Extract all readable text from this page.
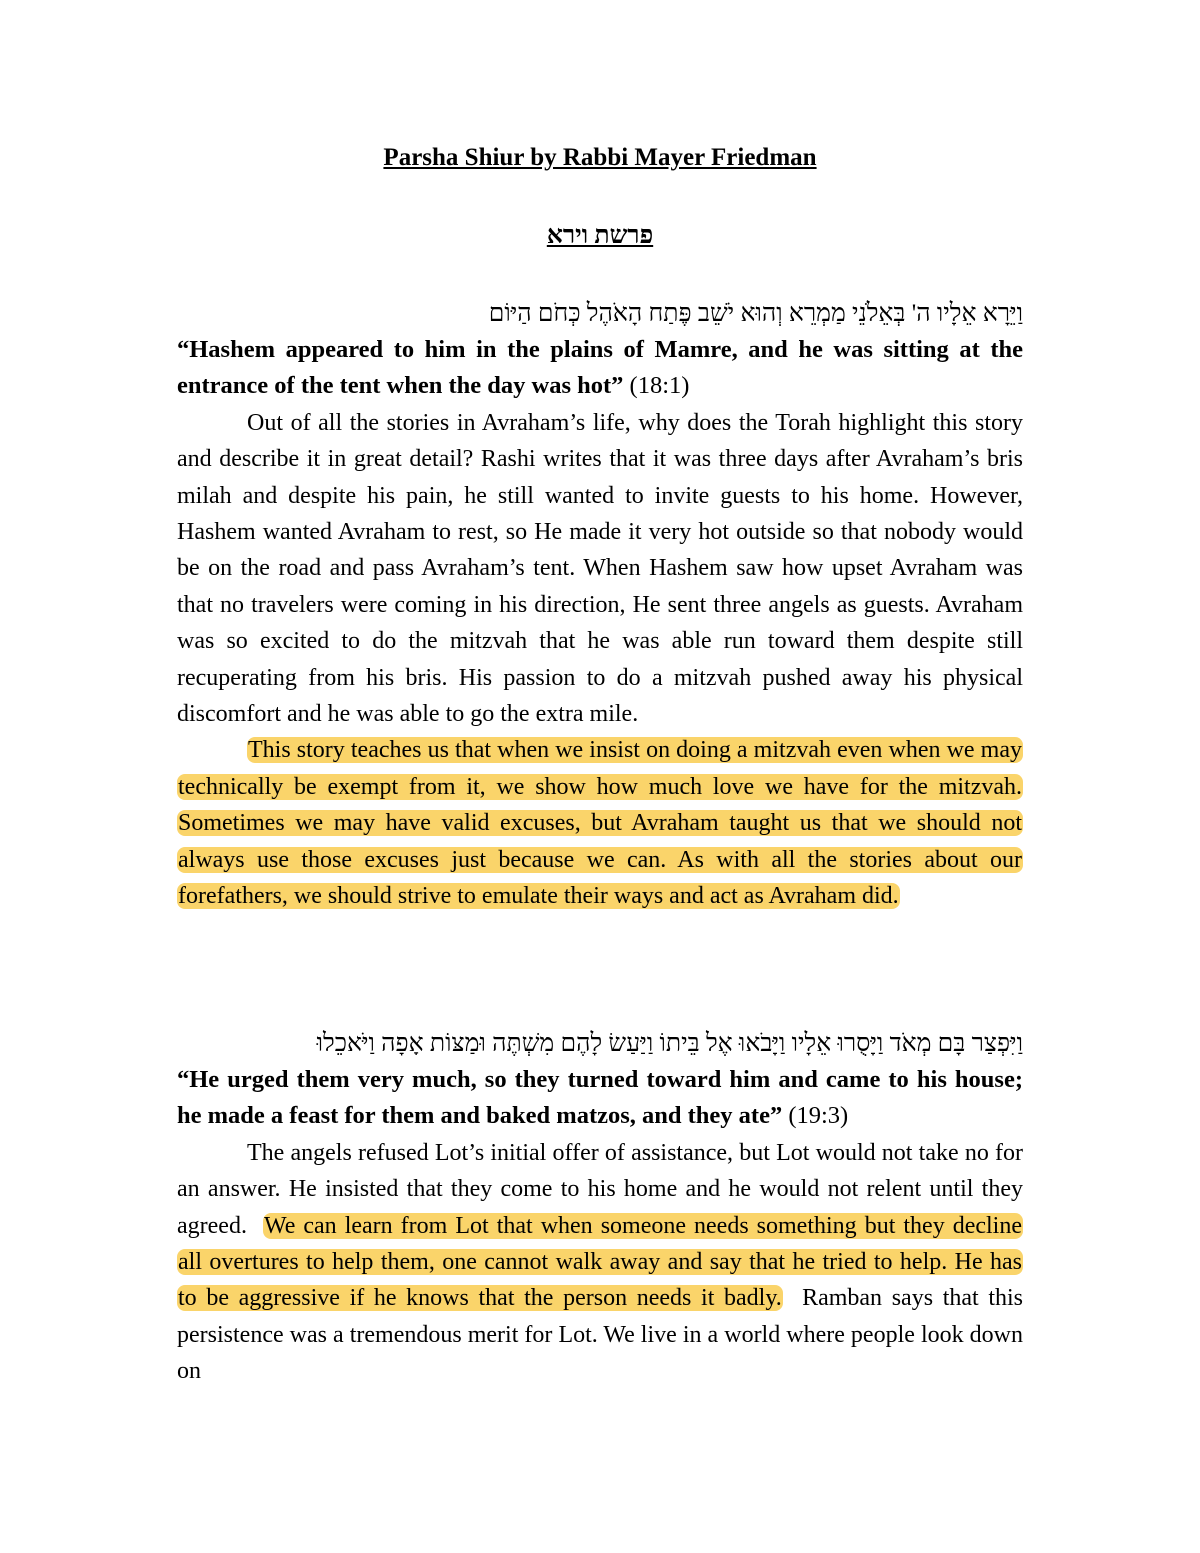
Parsha Shiur by Rabbi Mayer Friedman
פרשת וירא
וַיֵּרָא אֵלָיו ה' בְּאֵלֹנֵי מַמְרֵא וְהוּא יֹשֵׁב פֶּתַח הָאֹהֶל כְּחֹם הַיּוֹם
“Hashem appeared to him in the plains of Mamre, and he was sitting at the entrance of the tent when the day was hot” (18:1)

Out of all the stories in Avraham’s life, why does the Torah highlight this story and describe it in great detail? Rashi writes that it was three days after Avraham’s bris milah and despite his pain, he still wanted to invite guests to his home. However, Hashem wanted Avraham to rest, so He made it very hot outside so that nobody would be on the road and pass Avraham’s tent. When Hashem saw how upset Avraham was that no travelers were coming in his direction, He sent three angels as guests. Avraham was so excited to do the mitzvah that he was able run toward them despite still recuperating from his bris. His passion to do a mitzvah pushed away his physical discomfort and he was able to go the extra mile.

This story teaches us that when we insist on doing a mitzvah even when we may technically be exempt from it, we show how much love we have for the mitzvah. Sometimes we may have valid excuses, but Avraham taught us that we should not always use those excuses just because we can. As with all the stories about our forefathers, we should strive to emulate their ways and act as Avraham did.

וַיִּפְצַר בָּם מְאֹד וַיָּסֻרוּ אֵלָיו וַיָּבֹאוּ אֶל בֵּיתוֹ וַיַּעַשׂ לָהֶם מִשְׁתֶּה וּמַצּוֹת אָפָה וַיֹּאכֵלוּ
“He urged them very much, so they turned toward him and came to his house; he made a feast for them and baked matzos, and they ate” (19:3)

The angels refused Lot’s initial offer of assistance, but Lot would not take no for an answer. He insisted that they come to his home and he would not relent until they agreed. We can learn from Lot that when someone needs something but they decline all overtures to help them, one cannot walk away and say that he tried to help. He has to be aggressive if he knows that the person needs it badly. Ramban says that this persistence was a tremendous merit for Lot. We live in a world where people look down on
